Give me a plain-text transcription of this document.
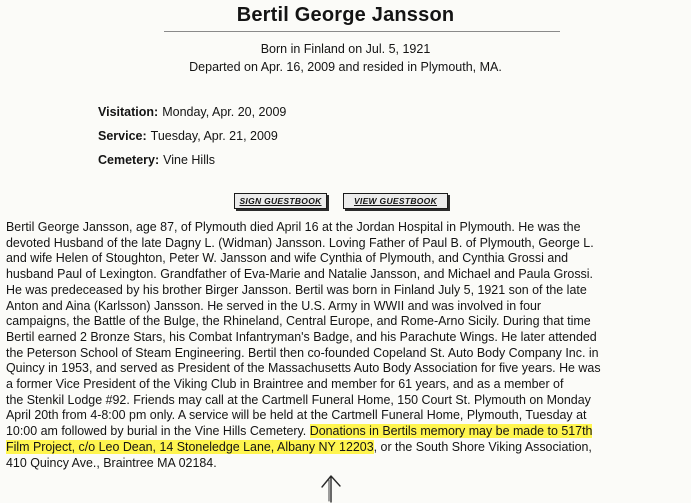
Bertil George Jansson
Born in Finland on Jul. 5, 1921
Departed on Apr. 16, 2009 and resided in Plymouth, MA.
Visitation: Monday, Apr. 20, 2009
Service: Tuesday, Apr. 21, 2009
Cemetery: Vine Hills
SIGN GUESTBOOK	VIEW GUESTBOOK
Bertil George Jansson, age 87, of Plymouth died April 16 at the Jordan Hospital in Plymouth. He was the
devoted Husband of the late Dagny L. (Widman) Jansson. Loving Father of Paul B. of Plymouth, George L.
and wife Helen of Stoughton, Peter W. Jansson and wife Cynthia of Plymouth, and Cynthia Grossi and
husband Paul of Lexington. Grandfather of Eva-Marie and Natalie Jansson, and Michael and Paula Grossi.
He was predeceased by his brother Birger Jansson. Bertil was born in Finland July 5, 1921 son of the late
Anton and Aina (Karlsson) Jansson. He served in the U.S. Army in WWII and was involved in four
campaigns, the Battle of the Bulge, the Rhineland, Central Europe, and Rome-Arno Sicily. During that time
Bertil earned 2 Bronze Stars, his Combat Infantryman's Badge, and his Parachute Wings. He later attended
the Peterson School of Steam Engineering. Bertil then co-founded Copeland St. Auto Body Company Inc. in
Quincy in 1953, and served as President of the Massachusetts Auto Body Association for five years. He was
a former Vice President of the Viking Club in Braintree and member for 61 years, and as a member of
the Stenkil Lodge #92. Friends may call at the Cartmell Funeral Home, 150 Court St. Plymouth on Monday
April 20th from 4-8:00 pm only. A service will be held at the Cartmell Funeral Home, Plymouth, Tuesday at
10:00 am followed by burial in the Vine Hills Cemetery. Donations in Bertils memory may be made to 517th
Film Project, c/o Leo Dean, 14 Stoneledge Lane, Albany NY 12203, or the South Shore Viking Association,
410 Quincy Ave., Braintree MA 02184.
